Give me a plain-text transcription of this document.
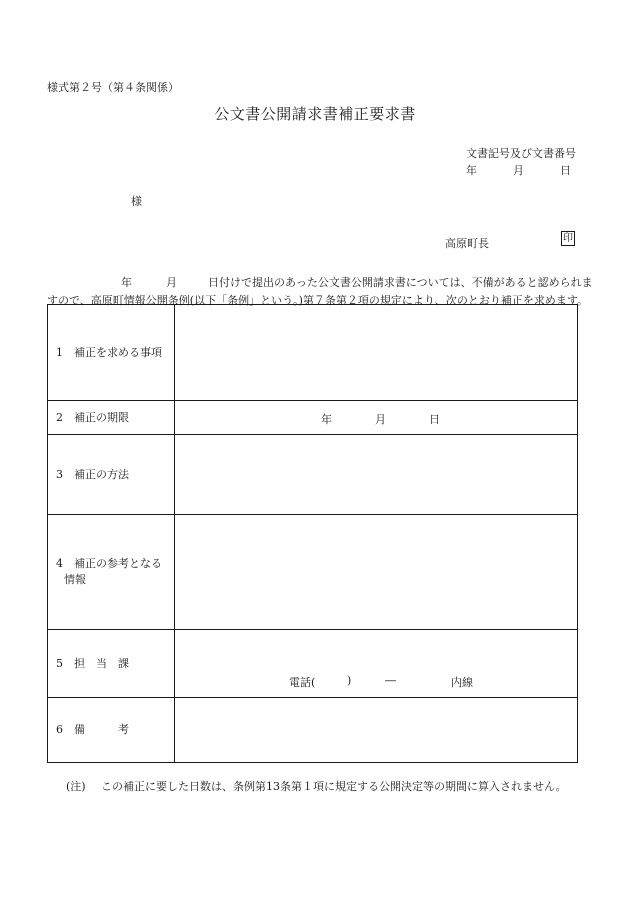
様式第２号（第４条関係）
公文書公開請求書補正要求書
文書記号及び文書番号
年	月	日
様
高原町長	印
年	月	日付けで提出のあった公文書公開請求書については、不備があると認められま
すので、高原町情報公開条例(以下「条例」という。)第７条第２項の規定により、次のとおり補正を求めます。
1　補正を求める事項	
2　補正の期限	年 月 日

3　補正の方法	

4　補正の参考となる
情報	

5　担　当　課	電話( ) ― 内線

6　備　　　考	
(注) この補正に要した日数は、条例第13条第１項に規定する公開決定等の期間に算入されません。
